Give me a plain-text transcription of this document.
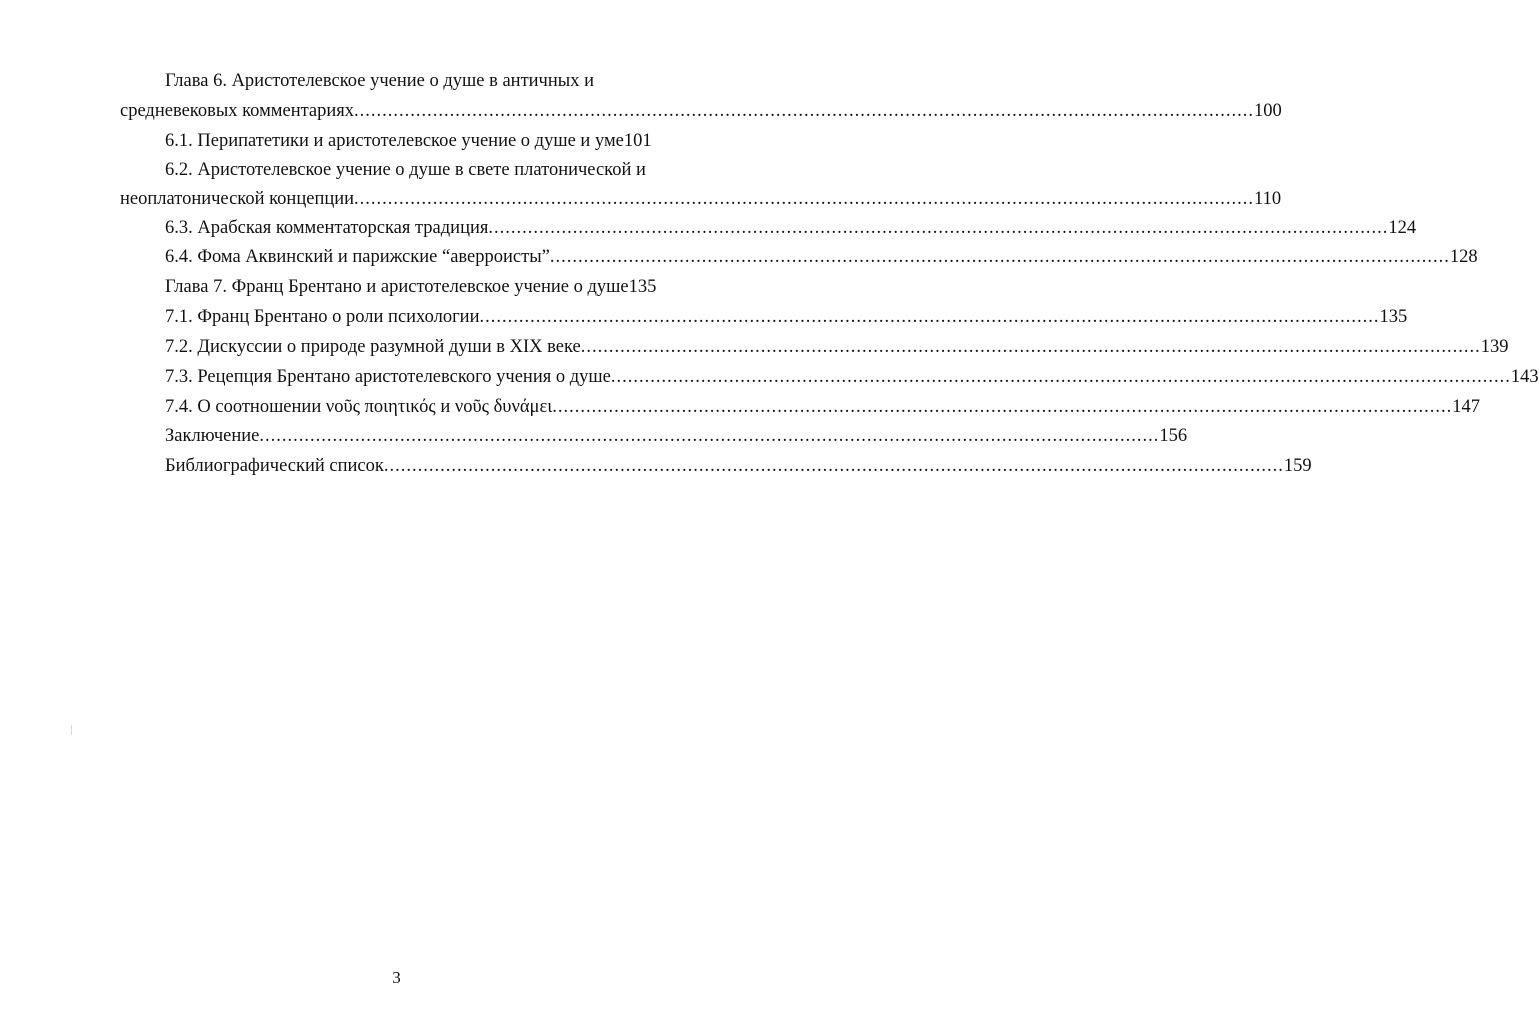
Глава 6. Аристотелевское учение о душе в античных и
средневековых комментариях .....	100
6.1. Перипатетики и аристотелевское учение о душе и уме 101
6.2. Аристотелевское учение о душе в свете платонической и
неоплатонической концепции .....	110
6.3. Арабская комментаторская традиция .....	124
6.4. Фома Аквинский и парижские “аверроисты” .....	128
Глава 7. Франц Брентано и аристотелевское учение о душе 135
7.1. Франц Брентано о роли психологии .....	135
7.2. Дискуссии о природе разумной души в XIX веке .....	139
7.3. Рецепция Брентано аристотелевского учения о душе .....	143
7.4. О соотношении νοῦς ποιητικός и νοῦς δυνάμει .....	147
Заключение .....	156
Библиографический список .....	159
3
